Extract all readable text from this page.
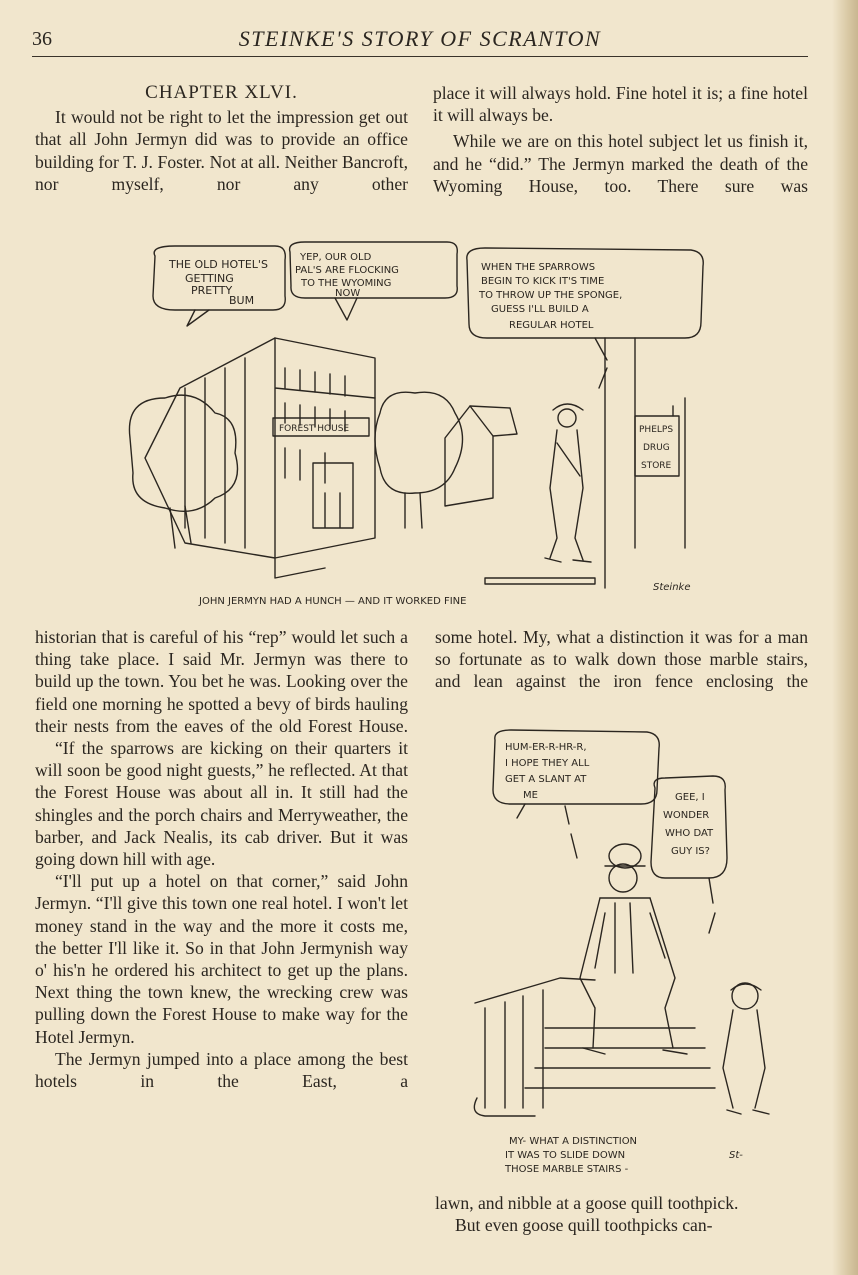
36	STEINKE'S STORY OF SCRANTON
CHAPTER XLVI.

It would not be right to let the impression get out that all John Jermyn did was to provide an office building for T. J. Foster. Not at all. Neither Bancroft, nor myself, nor any other

place it will always hold. Fine hotel it is; a fine hotel it will always be.

While we are on this hotel subject let us finish it, and he “did.” The Jermyn marked the death of the Wyoming House, too. There sure was

THE OLD HOTEL'S
GETTING
PRETTY
BUM
YEP, OUR OLD
PAL'S ARE FLOCKING
TO THE WYOMING
NOW
WHEN THE SPARROWS
BEGIN TO KICK IT'S TIME
TO THROW UP THE SPONGE,
GUESS I'LL BUILD A
REGULAR HOTEL
FOREST HOUSE	PHELPS
DRUG
STORE
JOHN JERMYN HAD A HUNCH — AND IT WORKED FINE
Steinke

historian that is careful of his “rep” would let such a thing take place. I said Mr. Jermyn was there to build up the town. You bet he was. Looking over the field one morning he spotted a bevy of birds hauling their nests from the eaves of the old Forest House.

“If the sparrows are kicking on their quarters it will soon be good night guests,” he reflected. At that the Forest House was about all in. It still had the shingles and the porch chairs and Merryweather, the barber, and Jack Nealis, its cab driver. But it was going down hill with age.

“I'll put up a hotel on that corner,” said John Jermyn. “I'll give this town one real hotel. I won't let money stand in the way and the more it costs me, the better I'll like it. So in that John Jermynish way o' his'n he ordered his architect to get up the plans. Next thing the town knew, the wrecking crew was pulling down the Forest House to make way for the Hotel Jermyn.

The Jermyn jumped into a place among the best hotels in the East, a

some hotel. My, what a distinction it was for a man so fortunate as to walk down those marble stairs, and lean against the iron fence enclosing the

HUM-ER-R-HR-R,
I HOPE THEY ALL
GET A SLANT AT
ME	GEE, I
WONDER
WHO DAT
GUY IS?
MY- WHAT A DISTINCTION
IT WAS TO SLIDE DOWN
THOSE MARBLE STAIRS -
St-

lawn, and nibble at a goose quill toothpick.

But even goose quill toothpicks can-
